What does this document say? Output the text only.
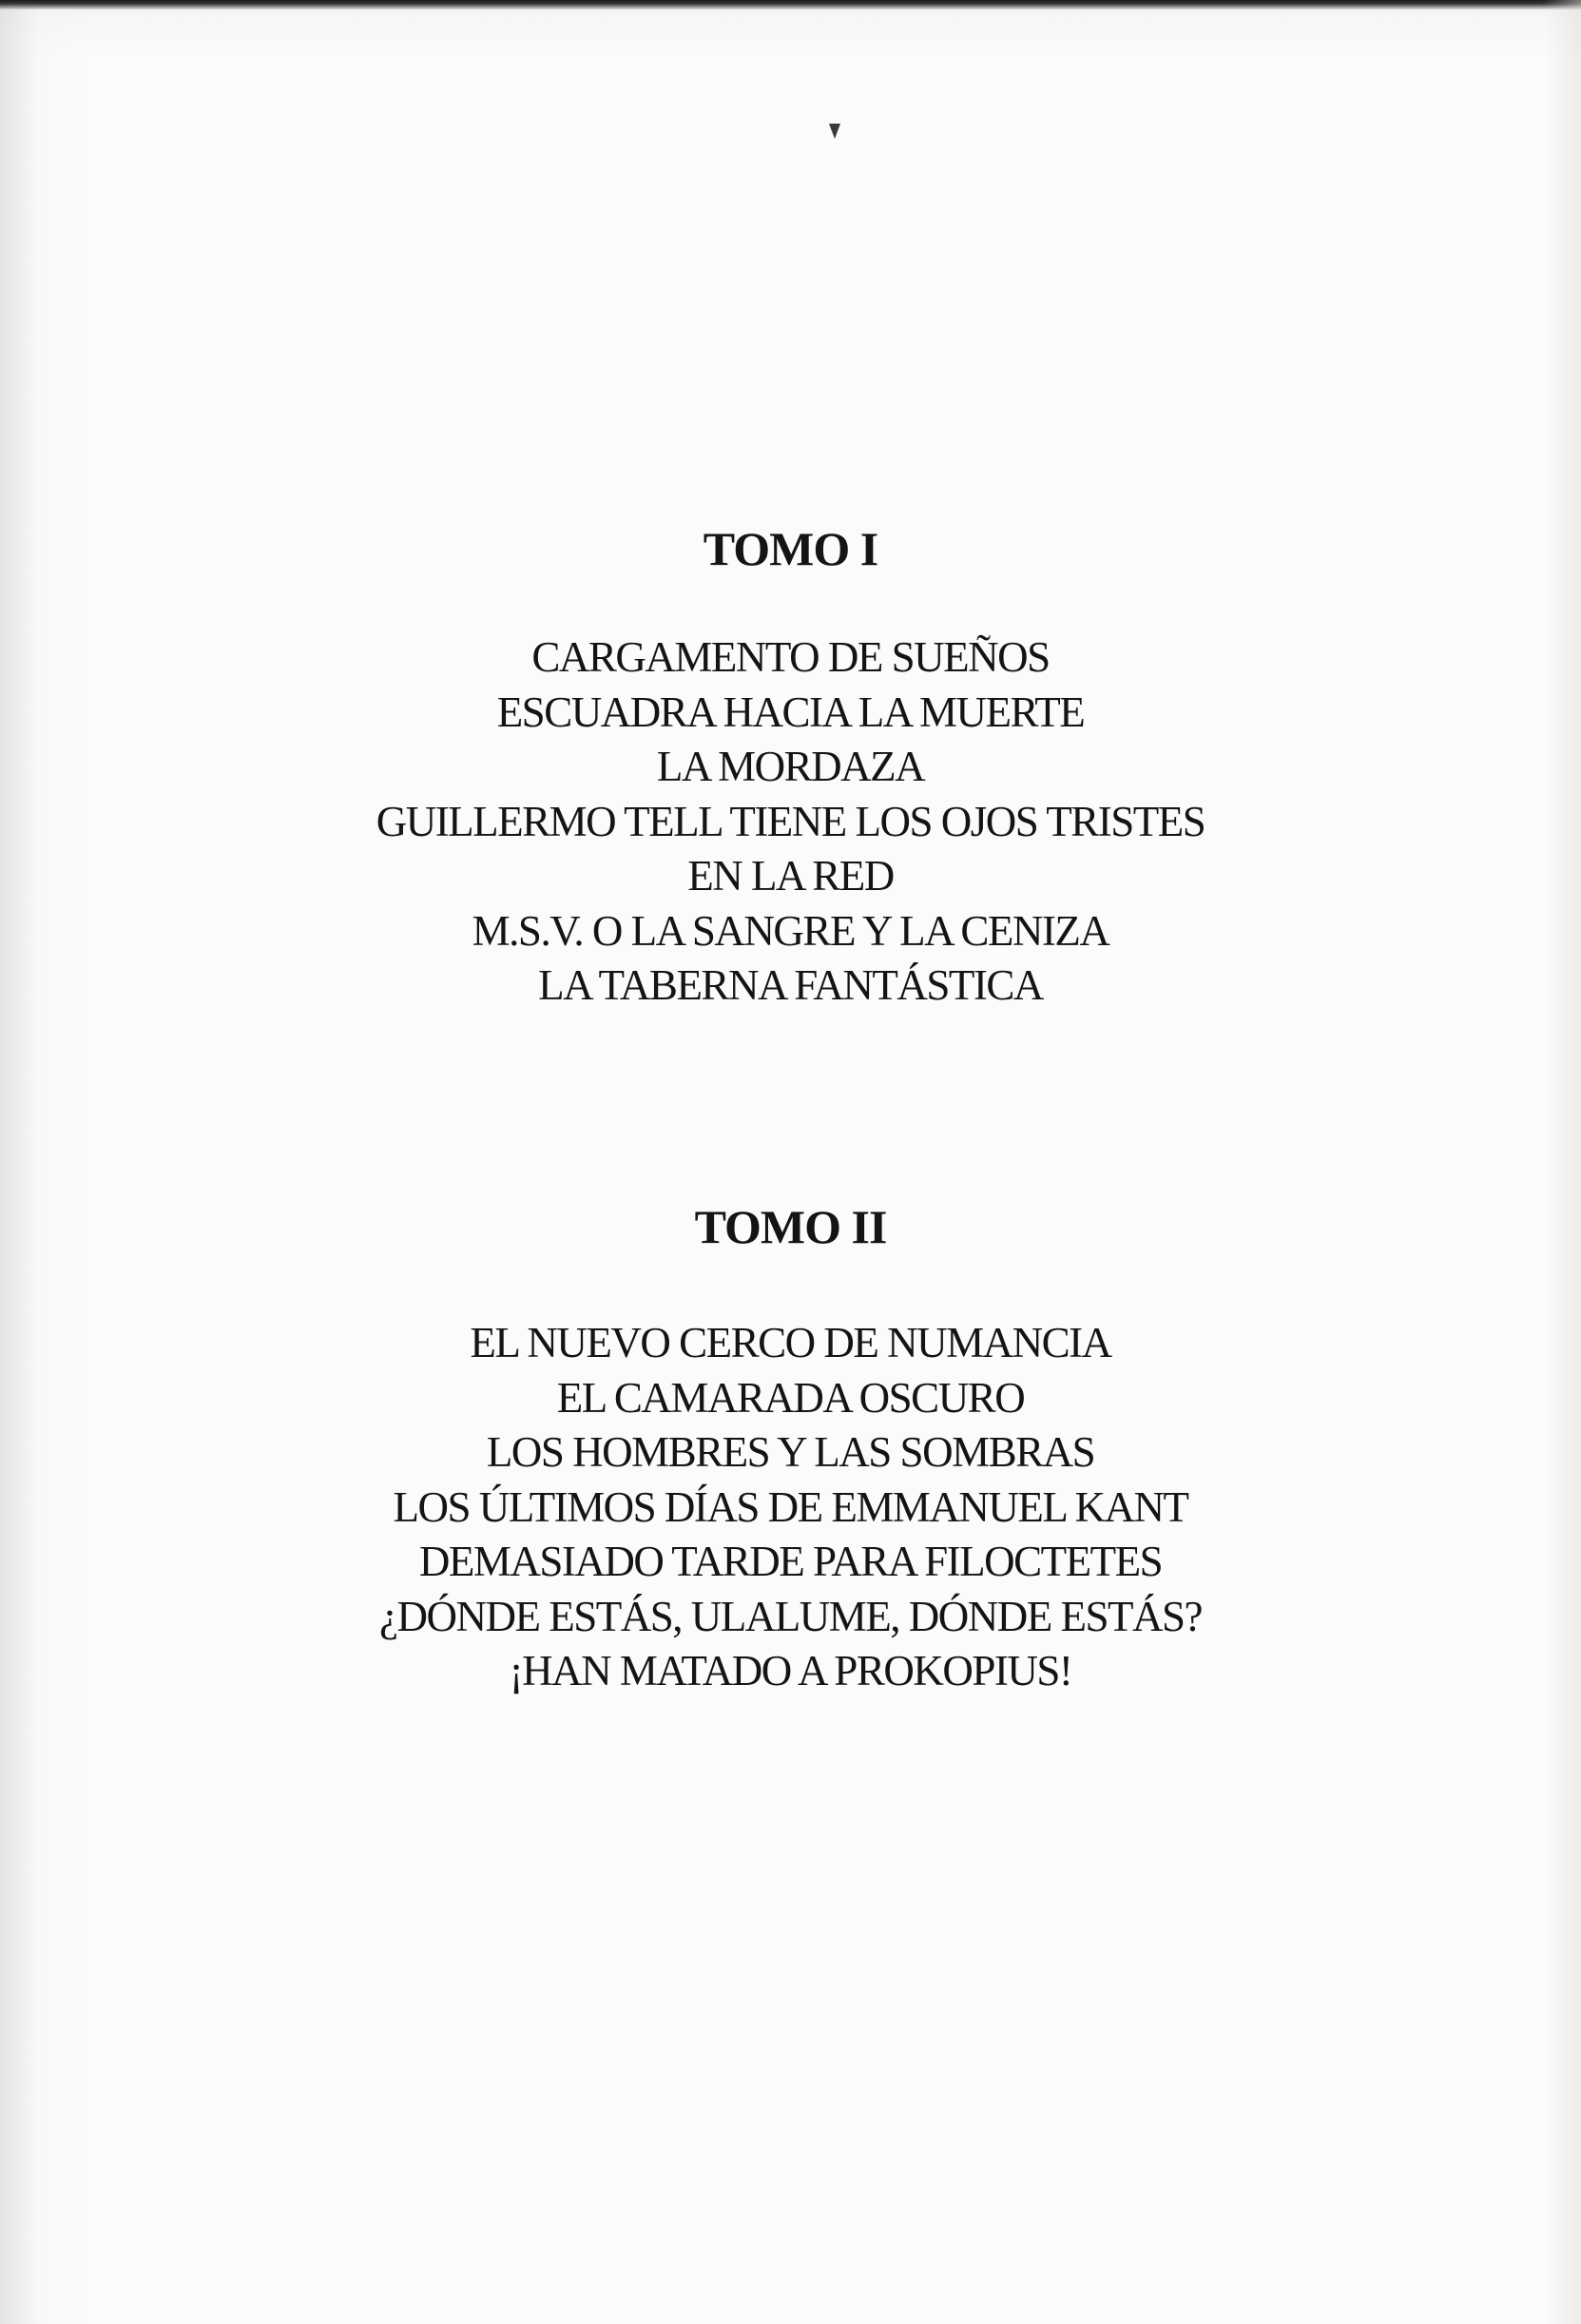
TOMO I
CARGAMENTO DE SUEÑOS
ESCUADRA HACIA LA MUERTE
LA MORDAZA
GUILLERMO TELL TIENE LOS OJOS TRISTES
EN LA RED
M.S.V. O LA SANGRE Y LA CENIZA
LA TABERNA FANTÁSTICA
TOMO II
EL NUEVO CERCO DE NUMANCIA
EL CAMARADA OSCURO
LOS HOMBRES Y LAS SOMBRAS
LOS ÚLTIMOS DÍAS DE EMMANUEL KANT
DEMASIADO TARDE PARA FILOCTETES
¿DÓNDE ESTÁS, ULALUME, DÓNDE ESTÁS?
¡HAN MATADO A PROKOPIUS!
